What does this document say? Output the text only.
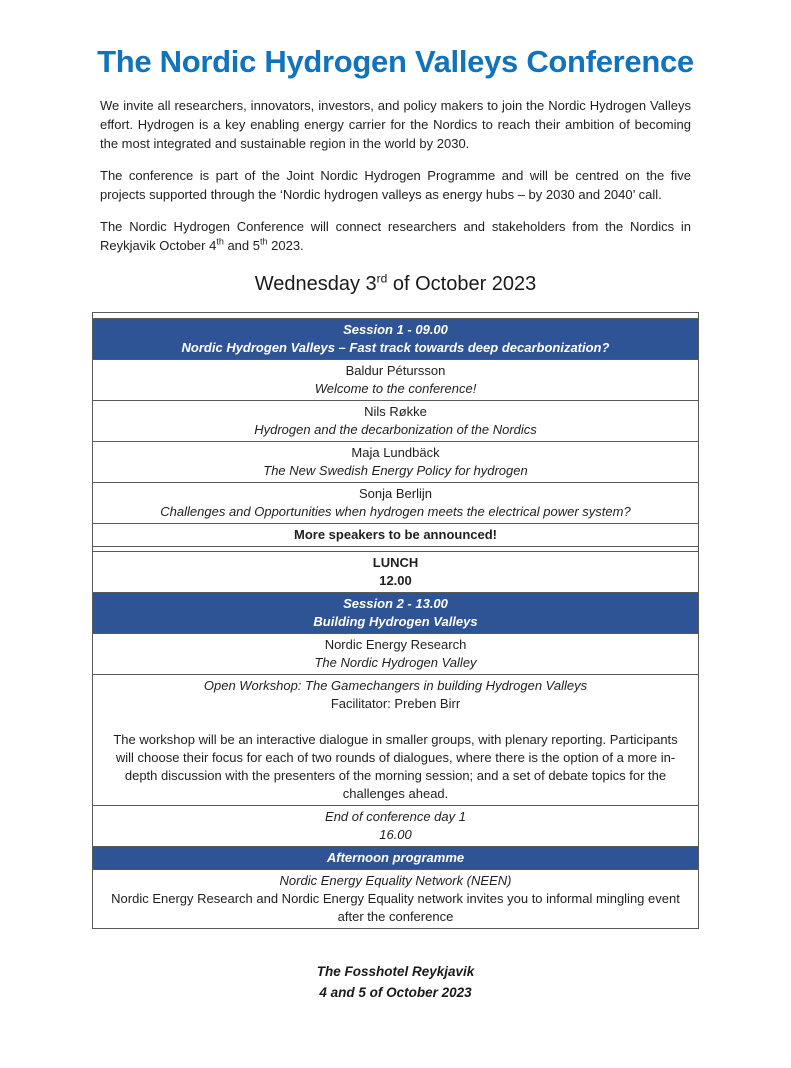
The Nordic Hydrogen Valleys Conference

We invite all researchers, innovators, investors, and policy makers to join the Nordic Hydrogen Valleys effort. Hydrogen is a key enabling energy carrier for the Nordics to reach their ambition of becoming the most integrated and sustainable region in the world by 2030.

The conference is part of the Joint Nordic Hydrogen Programme and will be centred on the five projects supported through the ‘Nordic hydrogen valleys as energy hubs – by 2030 and 2040’ call.

The Nordic Hydrogen Conference will connect researchers and stakeholders from the Nordics in Reykjavik October 4th and 5th 2023.

Wednesday 3rd of October 2023
Session 1 - 09.00
Nordic Hydrogen Valleys – Fast track towards deep decarbonization?
Baldur Pétursson
Welcome to the conference!
Nils Røkke
Hydrogen and the decarbonization of the Nordics
Maja Lundbäck
The New Swedish Energy Policy for hydrogen
Sonja Berlijn
Challenges and Opportunities when hydrogen meets the electrical power system?
More speakers to be announced!
LUNCH
12.00
Session 2 - 13.00
Building Hydrogen Valleys
Nordic Energy Research
The Nordic Hydrogen Valley
Open Workshop: The Gamechangers in building Hydrogen Valleys
Facilitator: Preben Birr

The workshop will be an interactive dialogue in smaller groups, with plenary reporting. Participants will choose their focus for each of two rounds of dialogues, where there is the option of a more in-depth discussion with the presenters of the morning session; and a set of debate topics for the challenges ahead.
End of conference day 1
16.00
Afternoon programme
Nordic Energy Equality Network (NEEN)
Nordic Energy Research and Nordic Energy Equality network invites you to informal mingling event after the conference
The Fosshotel Reykjavik
4 and 5 of October 2023
